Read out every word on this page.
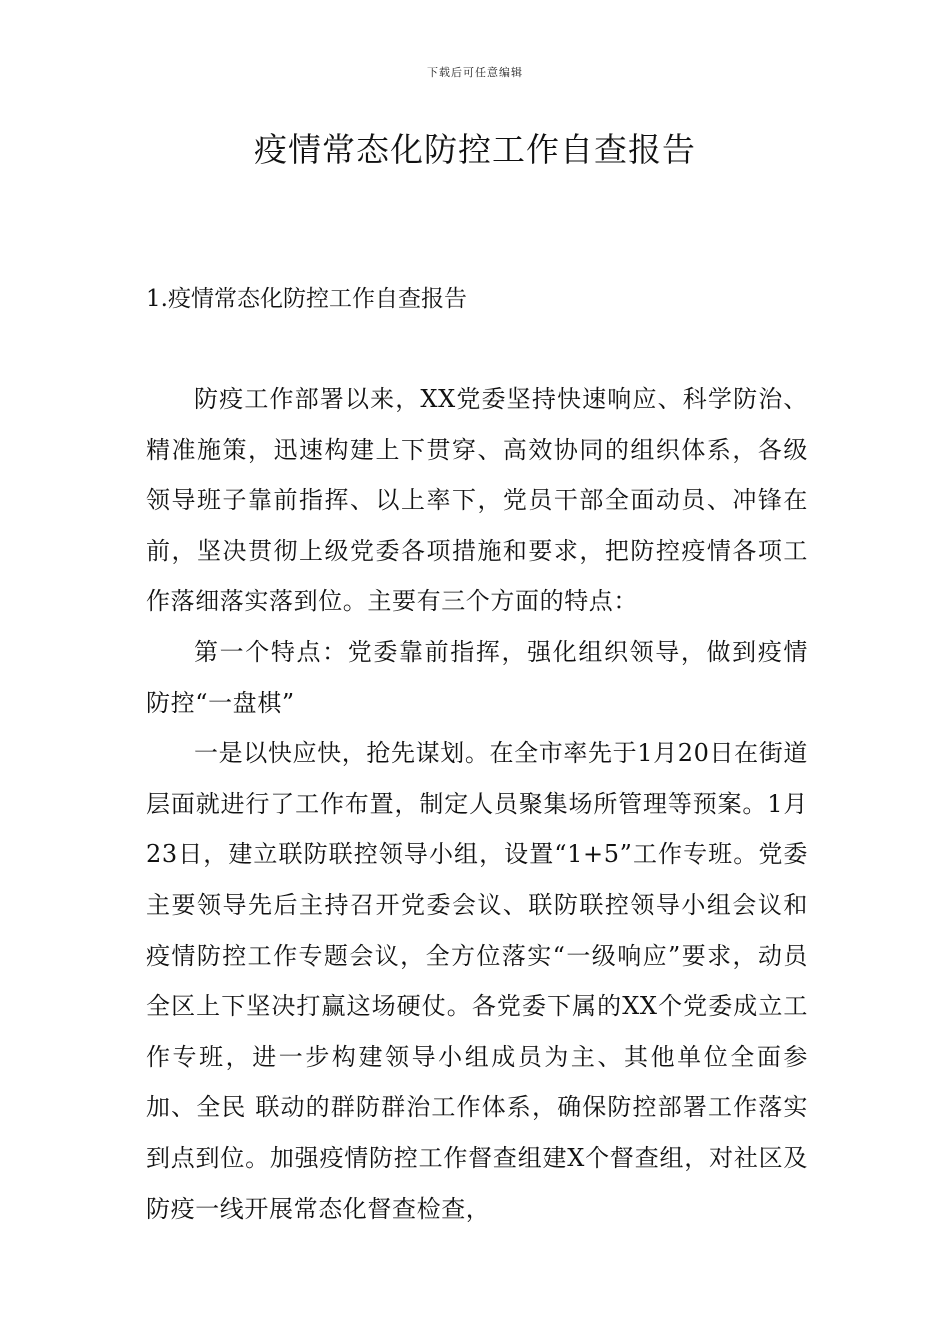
下载后可任意编辑
疫情常态化防控工作自查报告
1.疫情常态化防控工作自查报告

防疫工作部署以来，XX党委坚持快速响应、科学防治、精准施策，迅速构建上下贯穿、高效协同的组织体系，各级领导班子靠前指挥、以上率下，党员干部全面动员、冲锋在前，坚决贯彻上级党委各项措施和要求，把防控疫情各项工作落细落实落到位。主要有三个方面的特点：

第一个特点：党委靠前指挥，强化组织领导，做到疫情防控“一盘棋”

一是以快应快，抢先谋划。在全市率先于1月20日在街道层面就进行了工作布置，制定人员聚集场所管理等预案。1月23日，建立联防联控领导小组，设置“1+5”工作专班。党委主要领导先后主持召开党委会议、联防联控领导小组会议和疫情防控工作专题会议，全方位落实“一级响应”要求，动员全区上下坚决打赢这场硬仗。各党委下属的XX个党委成立工作专班，进一步构建领导小组成员为主、其他单位全面参加、全民 联动的群防群治工作体系，确保防控部署工作落实到点到位。加强疫情防控工作督查组建X个督查组，对社区及防疫一线开展常态化督查检查，
